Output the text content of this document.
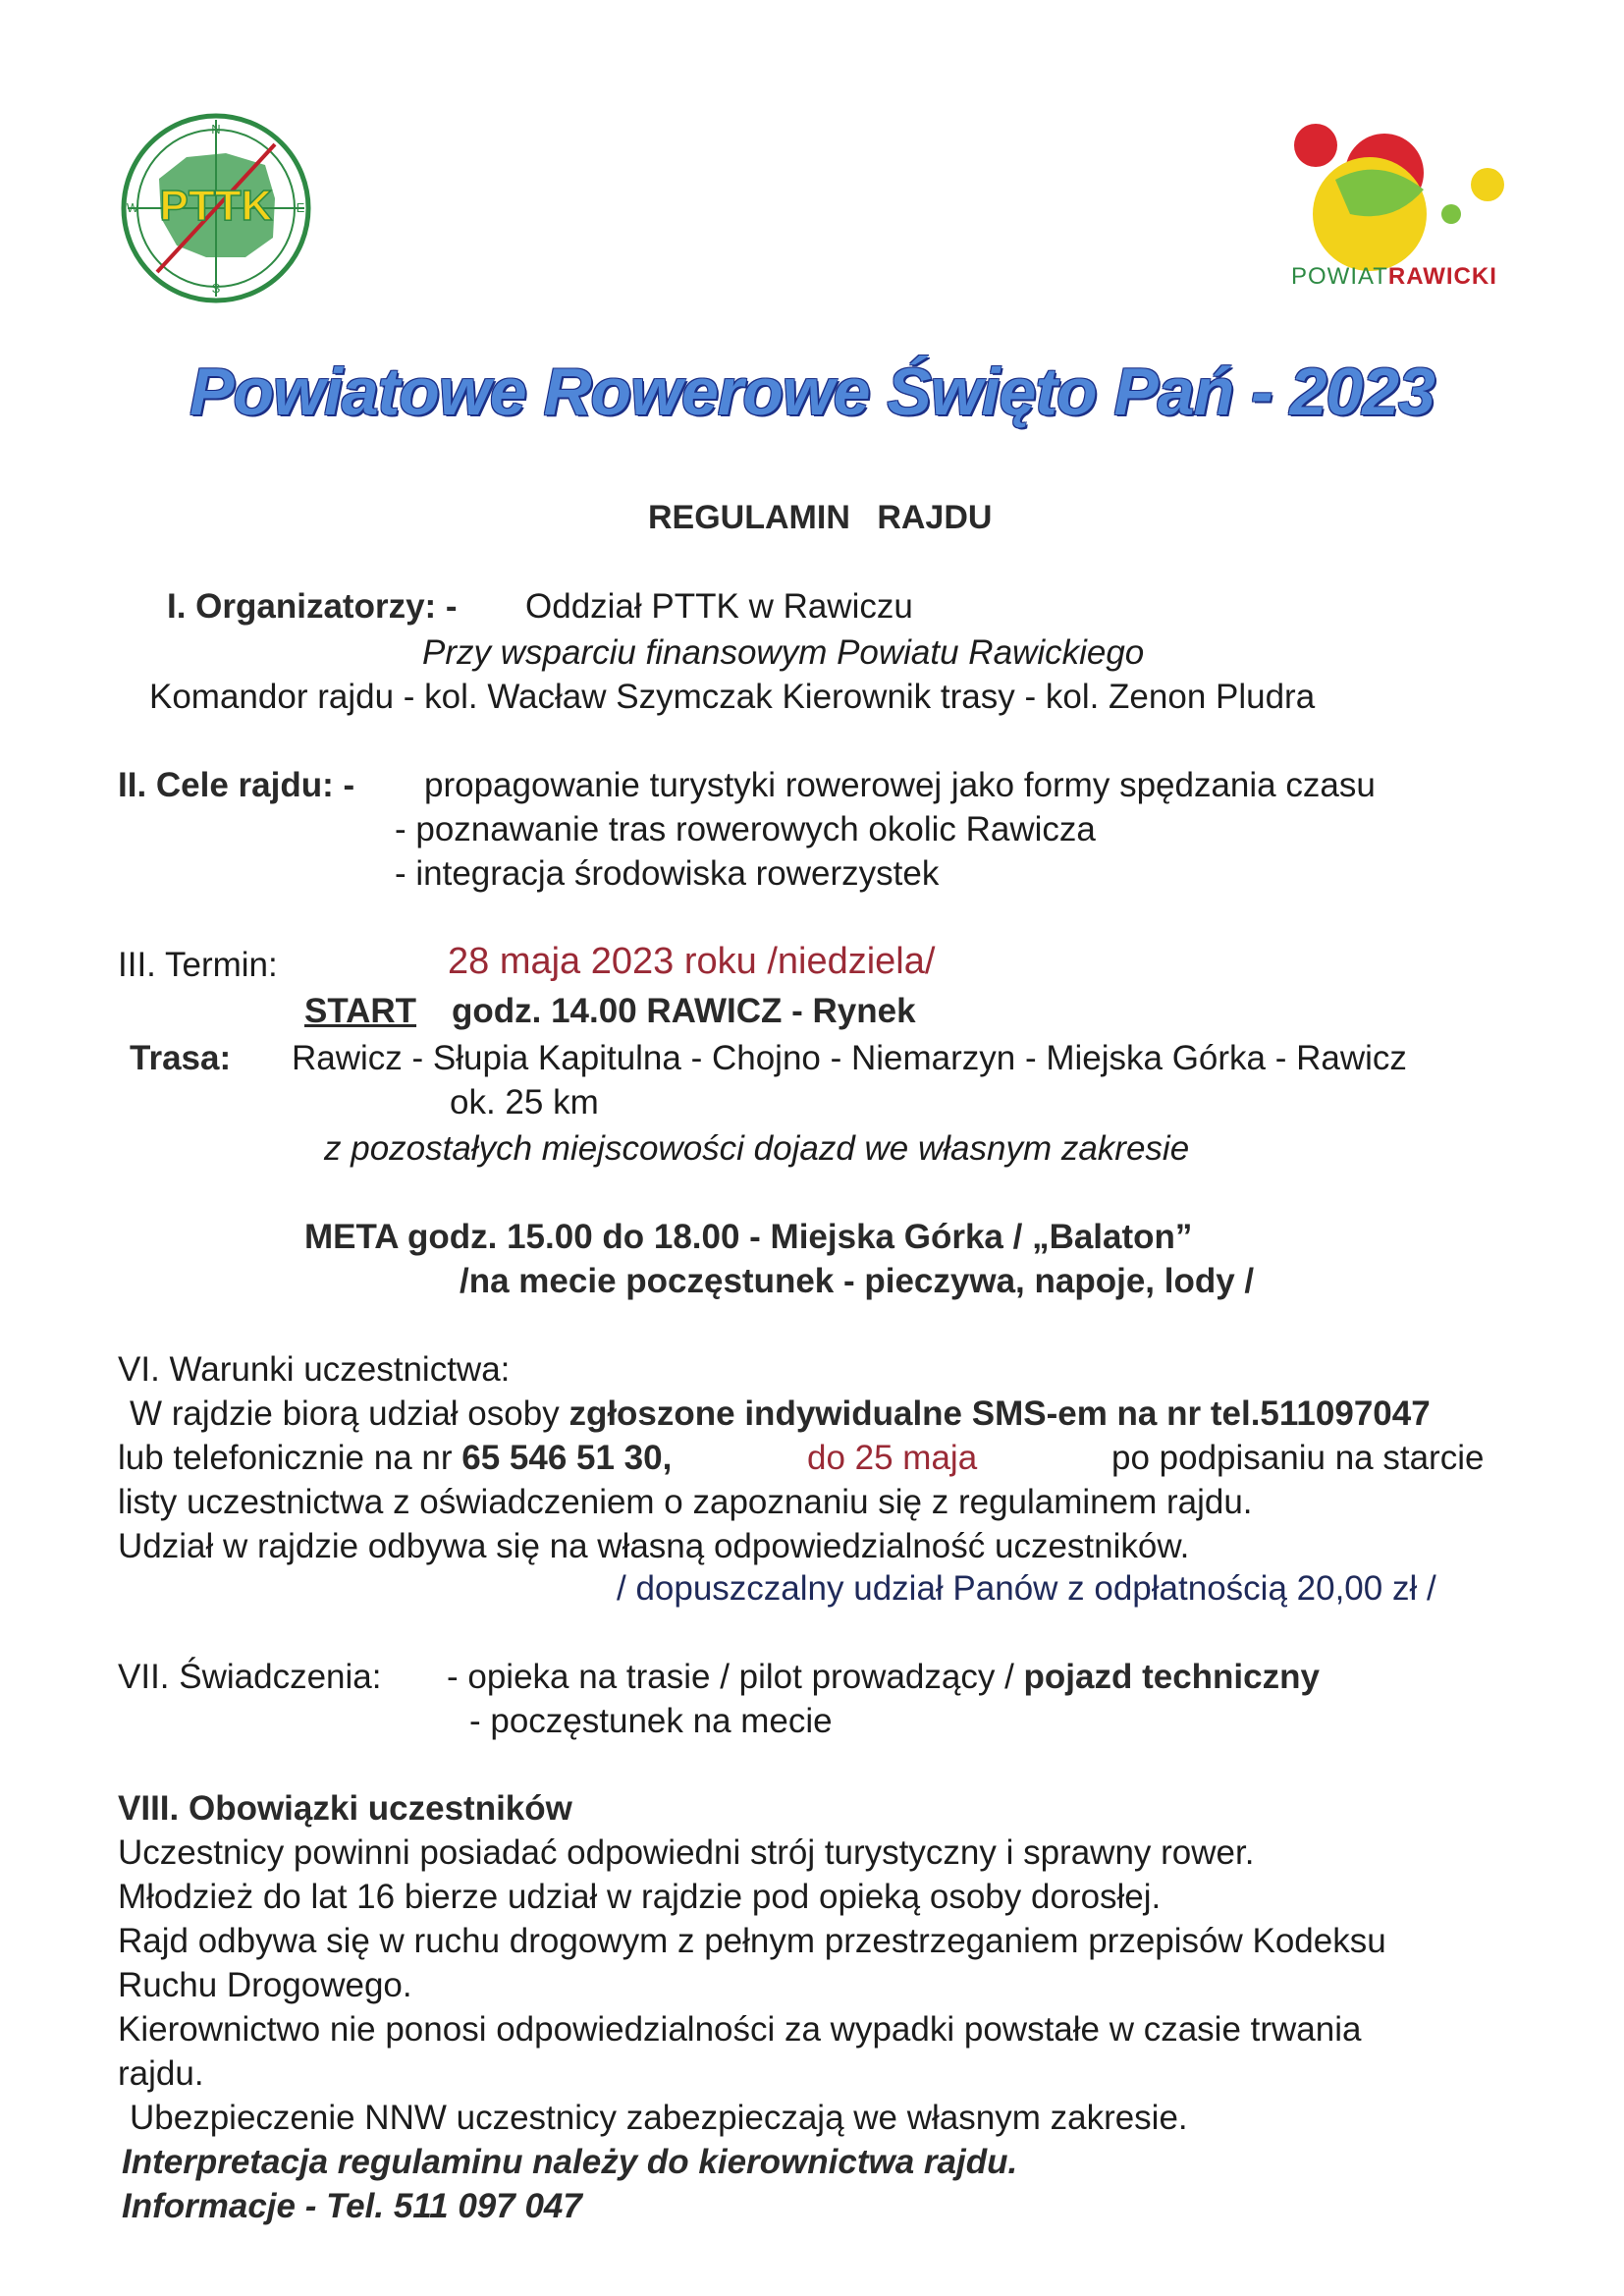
PTTK
N
E
S
W
POWIATRAWICKI
Powiatowe Rowerowe Święto Pań - 2023
REGULAMIN RAJDU
I. Organizatorzy: - Oddział PTTK w Rawiczu
Przy wsparciu finansowym Powiatu Rawickiego
Komandor rajdu - kol. Wacław Szymczak Kierownik trasy - kol. Zenon Pludra
II. Cele rajdu: - propagowanie turystyki rowerowej jako formy spędzania czasu
- poznawanie tras rowerowych okolic Rawicza
- integracja środowiska rowerzystek
III. Termin:	28 maja 2023 roku /niedziela/
START godz. 14.00 RAWICZ - Rynek
Trasa: Rawicz - Słupia Kapitulna - Chojno - Niemarzyn - Miejska Górka - Rawicz
ok. 25 km
z pozostałych miejscowości dojazd we własnym zakresie
META godz. 15.00 do 18.00 - Miejska Górka / „Balaton”
/na mecie poczęstunek - pieczywa, napoje, lody /
VI. Warunki uczestnictwa:
W rajdzie biorą udział osoby zgłoszone indywidualne SMS-em na nr tel.511097047
lub telefonicznie na nr 65 546 51 30,	do 25 maja	po podpisaniu na starcie
listy uczestnictwa z oświadczeniem o zapoznaniu się z regulaminem rajdu.
Udział w rajdzie odbywa się na własną odpowiedzialność uczestników.
/ dopuszczalny udział Panów z odpłatnością 20,00 zł /
VII. Świadczenia: - opieka na trasie / pilot prowadzący / pojazd techniczny
- poczęstunek na mecie
VIII. Obowiązki uczestników
Uczestnicy powinni posiadać odpowiedni strój turystyczny i sprawny rower.
Młodzież do lat 16 bierze udział w rajdzie pod opieką osoby dorosłej.
Rajd odbywa się w ruchu drogowym z pełnym przestrzeganiem przepisów Kodeksu
Ruchu Drogowego.
Kierownictwo nie ponosi odpowiedzialności za wypadki powstałe w czasie trwania
rajdu.
Ubezpieczenie NNW uczestnicy zabezpieczają we własnym zakresie.
Interpretacja regulaminu należy do kierownictwa rajdu.
Informacje - Tel. 511 097 047
